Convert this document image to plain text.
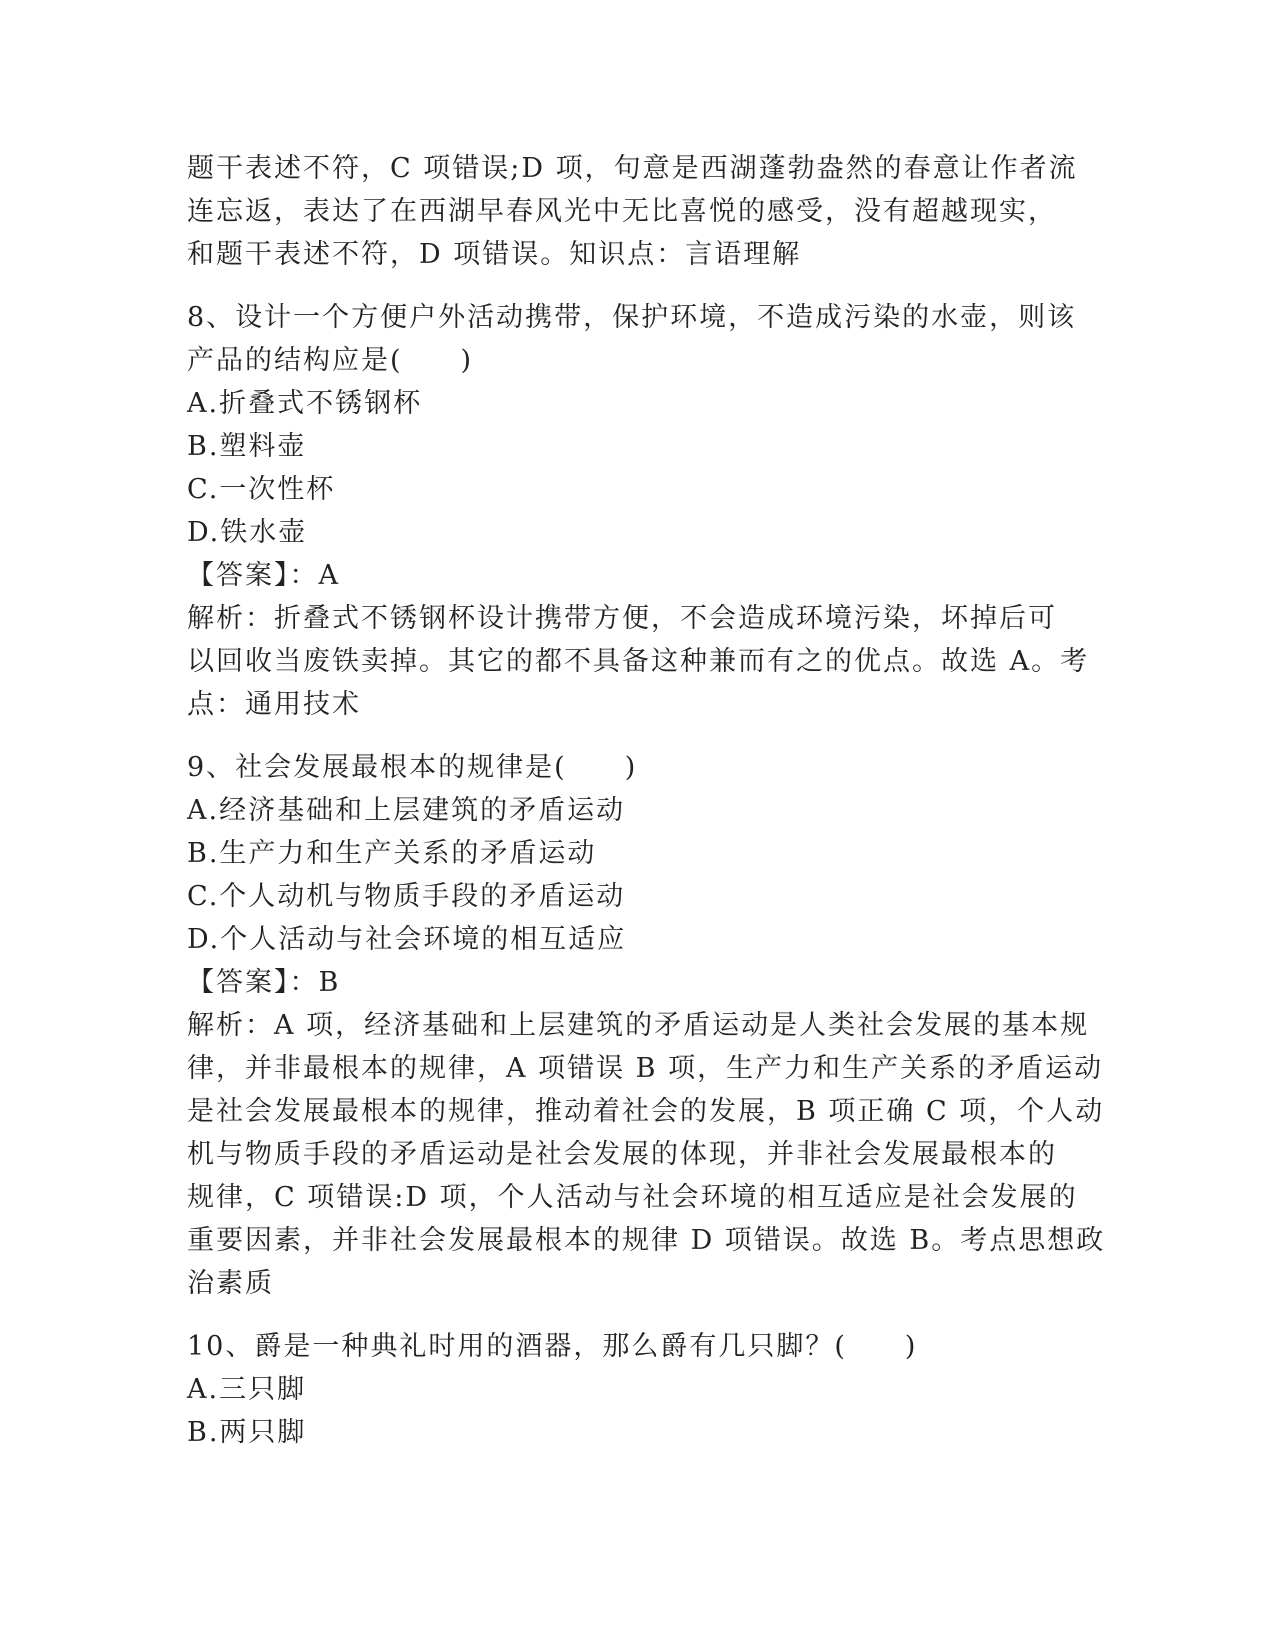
题干表述不符，C 项错误;D 项，句意是西湖蓬勃盎然的春意让作者流
连忘返，表达了在西湖早春风光中无比喜悦的感受，没有超越现实，
和题干表述不符，D 项错误。知识点：言语理解
8、设计一个方便户外活动携带，保护环境，不造成污染的水壶，则该
产品的结构应是(　　)
A.折叠式不锈钢杯
B.塑料壶
C.一次性杯
D.铁水壶
【答案】：A
解析：折叠式不锈钢杯设计携带方便，不会造成环境污染，坏掉后可
以回收当废铁卖掉。其它的都不具备这种兼而有之的优点。故选 A。考
点：通用技术
9、社会发展最根本的规律是(　　)
A.经济基础和上层建筑的矛盾运动
B.生产力和生产关系的矛盾运动
C.个人动机与物质手段的矛盾运动
D.个人活动与社会环境的相互适应
【答案】：B
解析：A 项，经济基础和上层建筑的矛盾运动是人类社会发展的基本规
律，并非最根本的规律，A 项错误 B 项，生产力和生产关系的矛盾运动
是社会发展最根本的规律，推动着社会的发展，B 项正确 C 项，个人动
机与物质手段的矛盾运动是社会发展的体现，并非社会发展最根本的
规律，C 项错误:D 项，个人活动与社会环境的相互适应是社会发展的
重要因素，并非社会发展最根本的规律 D 项错误。故选 B。考点思想政
治素质
10、爵是一种典礼时用的酒器，那么爵有几只脚？(　　)
A.三只脚
B.两只脚
